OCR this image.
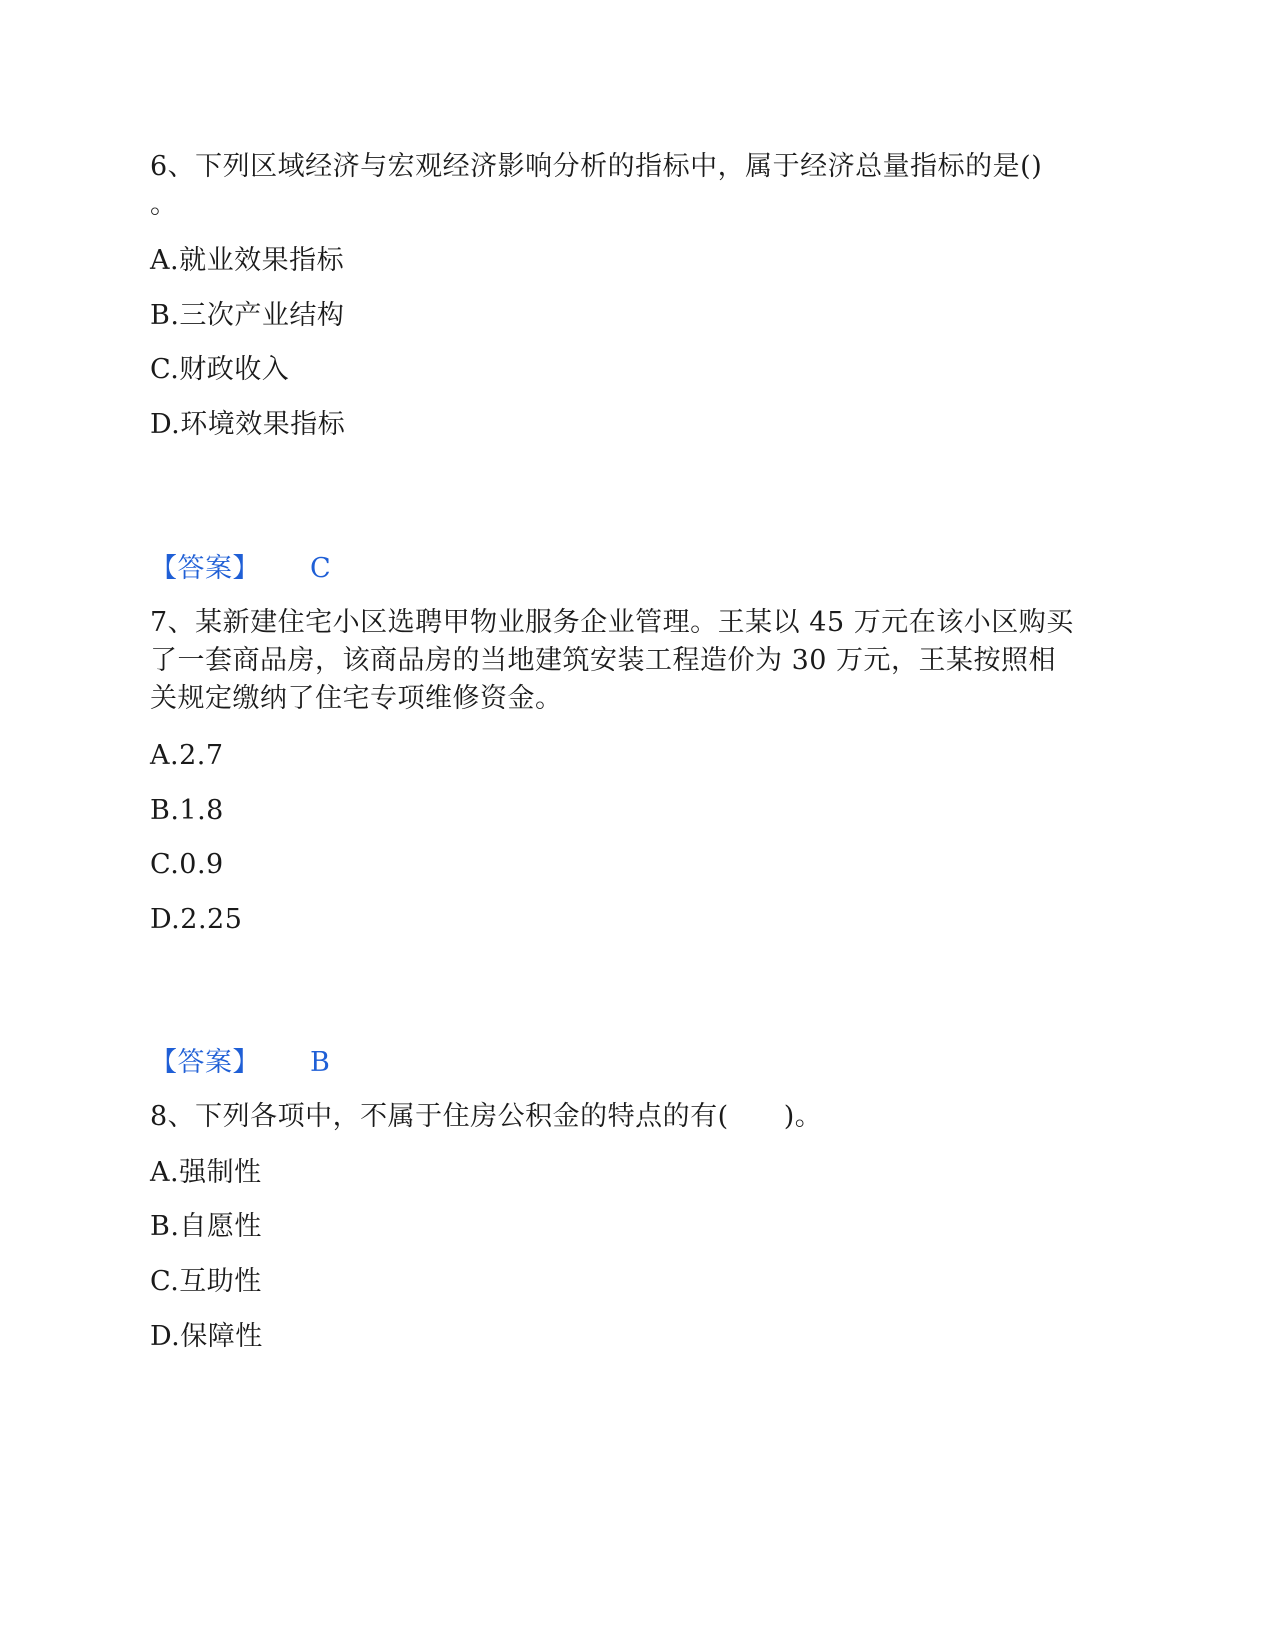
6、下列区域经济与宏观经济影响分析的指标中，属于经济总量指标的是()
。
A.就业效果指标
B.三次产业结构
C.财政收入
D.环境效果指标
【答案】 C
7、某新建住宅小区选聘甲物业服务企业管理。王某以 45 万元在该小区购买
了一套商品房，该商品房的当地建筑安装工程造价为 30 万元，王某按照相
关规定缴纳了住宅专项维修资金。
A.2.7
B.1.8
C.0.9
D.2.25
【答案】 B
8、下列各项中，不属于住房公积金的特点的有(　　)。
A.强制性
B.自愿性
C.互助性
D.保障性
